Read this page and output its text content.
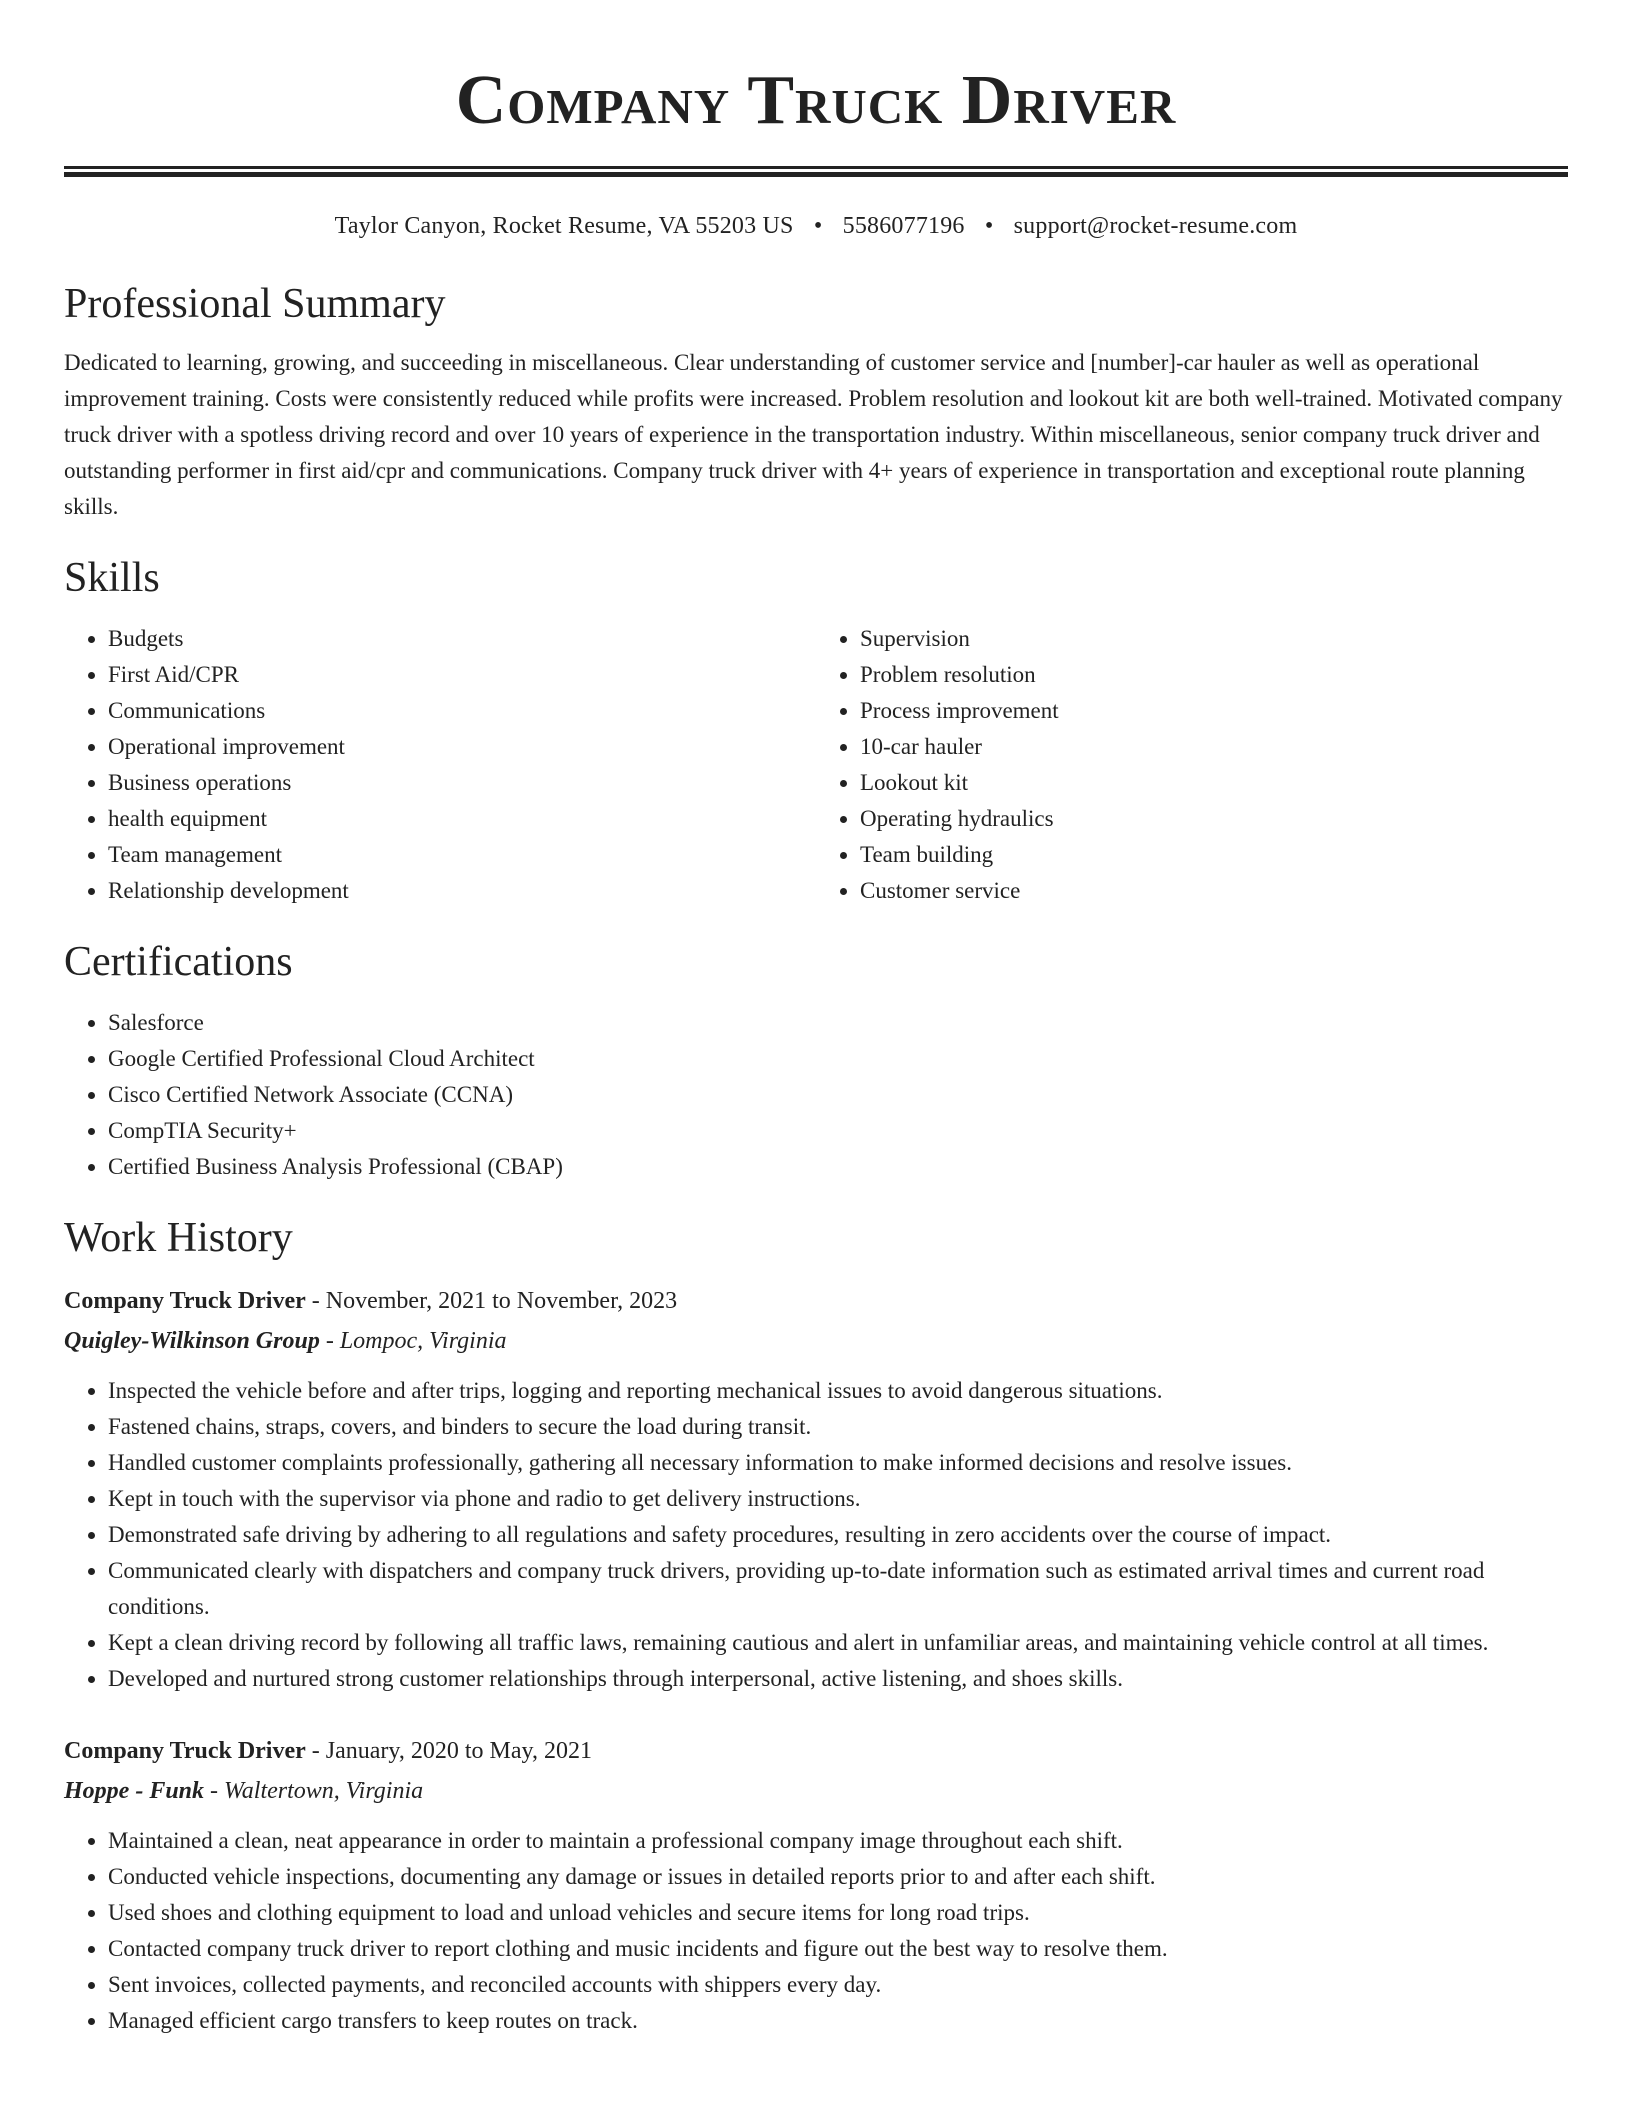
Company Truck Driver
Taylor Canyon, Rocket Resume, VA 55203 US • 5586077196 • support@rocket-resume.com
Professional Summary

Dedicated to learning, growing, and succeeding in miscellaneous. Clear understanding of customer service and [number]-car hauler as well as operational improvement training. Costs were consistently reduced while profits were increased. Problem resolution and lookout kit are both well-trained. Motivated company truck driver with a spotless driving record and over 10 years of experience in the transportation industry. Within miscellaneous, senior company truck driver and outstanding performer in first aid/cpr and communications. Company truck driver with 4+ years of experience in transportation and exceptional route planning skills.

Skills
• Budgets
• First Aid/CPR
• Communications
• Operational improvement
• Business operations
• health equipment
• Team management
• Relationship development
• Supervision
• Problem resolution
• Process improvement
• 10-car hauler
• Lookout kit
• Operating hydraulics
• Team building
• Customer service
Certifications
• Salesforce
• Google Certified Professional Cloud Architect
• Cisco Certified Network Associate (CCNA)
• CompTIA Security+
• Certified Business Analysis Professional (CBAP)
Work History
Company Truck Driver - November, 2021 to November, 2023
Quigley-Wilkinson Group - Lompoc, Virginia
• Inspected the vehicle before and after trips, logging and reporting mechanical issues to avoid dangerous situations.
• Fastened chains, straps, covers, and binders to secure the load during transit.
• Handled customer complaints professionally, gathering all necessary information to make informed decisions and resolve issues.
• Kept in touch with the supervisor via phone and radio to get delivery instructions.
• Demonstrated safe driving by adhering to all regulations and safety procedures, resulting in zero accidents over the course of impact.
• Communicated clearly with dispatchers and company truck drivers, providing up-to-date information such as estimated arrival times and current road conditions.
• Kept a clean driving record by following all traffic laws, remaining cautious and alert in unfamiliar areas, and maintaining vehicle control at all times.
• Developed and nurtured strong customer relationships through interpersonal, active listening, and shoes skills.
Company Truck Driver - January, 2020 to May, 2021
Hoppe - Funk - Waltertown, Virginia
• Maintained a clean, neat appearance in order to maintain a professional company image throughout each shift.
• Conducted vehicle inspections, documenting any damage or issues in detailed reports prior to and after each shift.
• Used shoes and clothing equipment to load and unload vehicles and secure items for long road trips.
• Contacted company truck driver to report clothing and music incidents and figure out the best way to resolve them.
• Sent invoices, collected payments, and reconciled accounts with shippers every day.
• Managed efficient cargo transfers to keep routes on track.
